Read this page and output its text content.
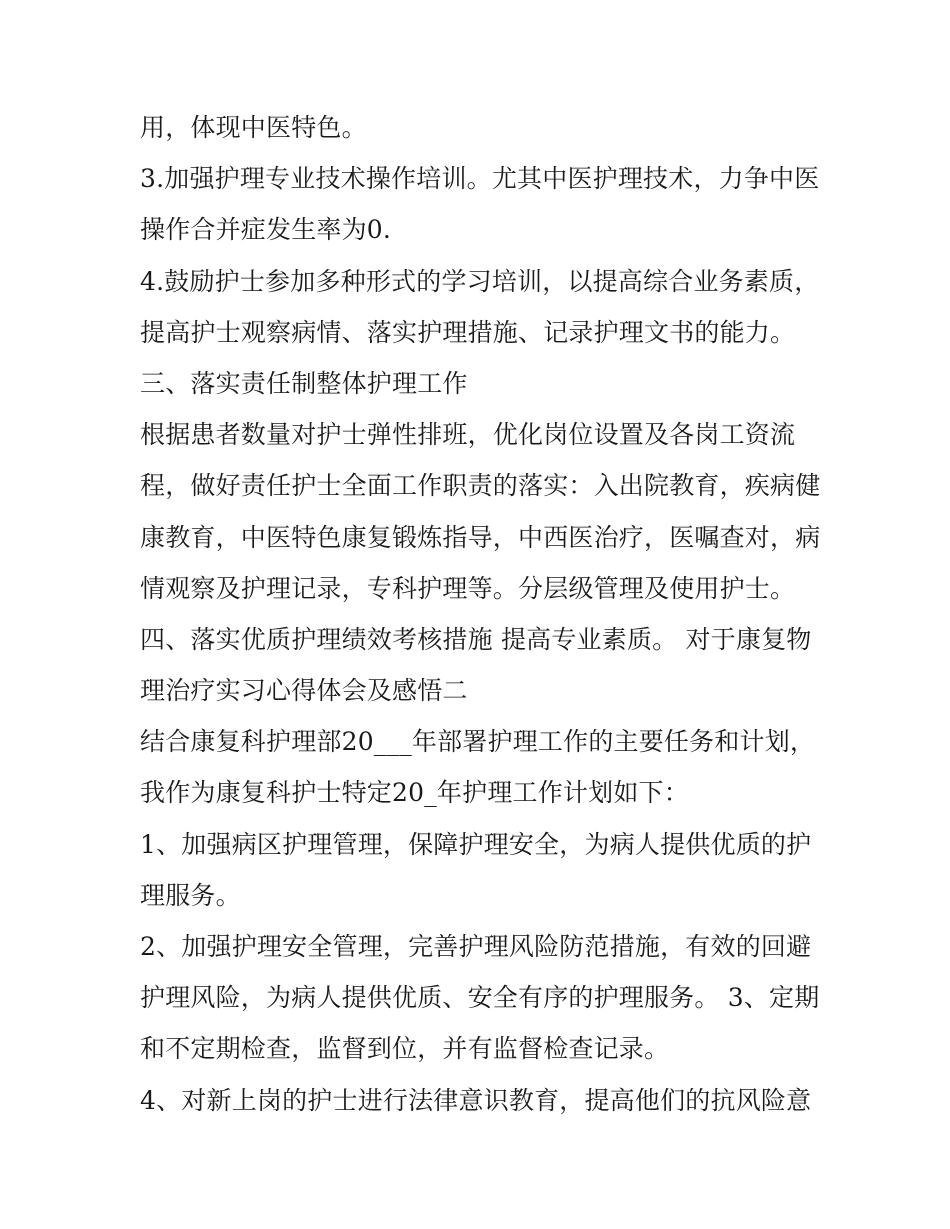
用，体现中医特色。
3.加强护理专业技术操作培训。尤其中医护理技术，力争中医
操作合并症发生率为0.
4.鼓励护士参加多种形式的学习培训，以提高综合业务素质，
提高护士观察病情、落实护理措施、记录护理文书的能力。
三、落实责任制整体护理工作
根据患者数量对护士弹性排班，优化岗位设置及各岗工资流
程，做好责任护士全面工作职责的落实：入出院教育，疾病健
康教育，中医特色康复锻炼指导，中西医治疗，医嘱查对，病
情观察及护理记录，专科护理等。分层级管理及使用护士。
四、落实优质护理绩效考核措施 提高专业素质。 对于康复物
理治疗实习心得体会及感悟二
结合康复科护理部20___年部署护理工作的主要任务和计划，
我作为康复科护士特定20_年护理工作计划如下：
1、加强病区护理管理，保障护理安全，为病人提供优质的护
理服务。
2、加强护理安全管理，完善护理风险防范措施，有效的回避
护理风险，为病人提供优质、安全有序的护理服务。 3、定期
和不定期检查，监督到位，并有监督检查记录。
4、对新上岗的护士进行法律意识教育，提高他们的抗风险意
